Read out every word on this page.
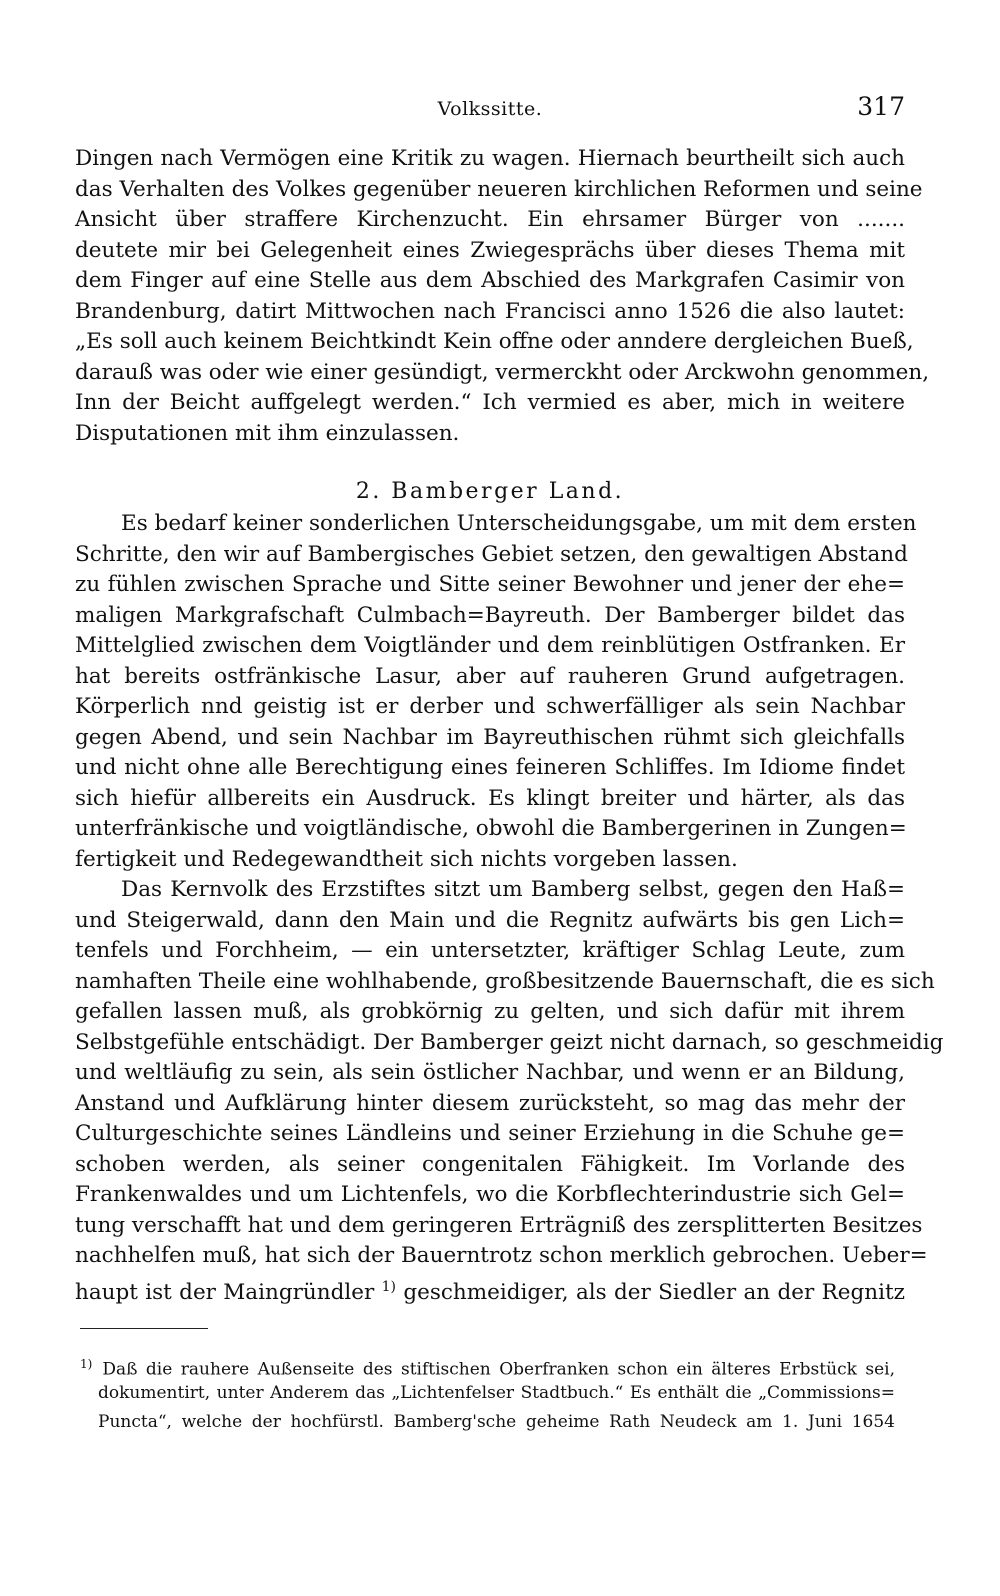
Volkssitte.	317
Dingen nach Vermögen eine Kritik zu wagen. Hiernach beurtheilt sich auch
das Verhalten des Volkes gegenüber neueren kirchlichen Reformen und seine
Ansicht über straffere Kirchenzucht. Ein ehrsamer Bürger von .......
deutete mir bei Gelegenheit eines Zwiegesprächs über dieses Thema mit
dem Finger auf eine Stelle aus dem Abschied des Markgrafen Casimir von
Brandenburg, datirt Mittwochen nach Francisci anno 1526 die also lautet:
„Es soll auch keinem Beichtkindt Kein offne oder anndere dergleichen Bueß,
darauß was oder wie einer gesündigt, vermerckht oder Arckwohn genommen,
Inn der Beicht auffgelegt werden.“ Ich vermied es aber, mich in weitere
Disputationen mit ihm einzulassen.
2. Bamberger Land.
Es bedarf keiner sonderlichen Unterscheidungsgabe, um mit dem ersten
Schritte, den wir auf Bambergisches Gebiet setzen, den gewaltigen Abstand
zu fühlen zwischen Sprache und Sitte seiner Bewohner und jener der ehe=
maligen Markgrafschaft Culmbach=Bayreuth. Der Bamberger bildet das
Mittelglied zwischen dem Voigtländer und dem reinblütigen Ostfranken. Er
hat bereits ostfränkische Lasur, aber auf rauheren Grund aufgetragen.
Körperlich nnd geistig ist er derber und schwerfälliger als sein Nachbar
gegen Abend, und sein Nachbar im Bayreuthischen rühmt sich gleichfalls
und nicht ohne alle Berechtigung eines feineren Schliffes. Im Idiome findet
sich hiefür allbereits ein Ausdruck. Es klingt breiter und härter, als das
unterfränkische und voigtländische, obwohl die Bambergerinen in Zungen=
fertigkeit und Redegewandtheit sich nichts vorgeben lassen.
Das Kernvolk des Erzstiftes sitzt um Bamberg selbst, gegen den Haß=
und Steigerwald, dann den Main und die Regnitz aufwärts bis gen Lich=
tenfels und Forchheim, — ein untersetzter, kräftiger Schlag Leute, zum
namhaften Theile eine wohlhabende, großbesitzende Bauernschaft, die es sich
gefallen lassen muß, als grobkörnig zu gelten, und sich dafür mit ihrem
Selbstgefühle entschädigt. Der Bamberger geizt nicht darnach, so geschmeidig
und weltläufig zu sein, als sein östlicher Nachbar, und wenn er an Bildung,
Anstand und Aufklärung hinter diesem zurücksteht, so mag das mehr der
Culturgeschichte seines Ländleins und seiner Erziehung in die Schuhe ge=
schoben werden, als seiner congenitalen Fähigkeit. Im Vorlande des
Frankenwaldes und um Lichtenfels, wo die Korbflechterindustrie sich Gel=
tung verschafft hat und dem geringeren Erträgniß des zersplitterten Besitzes
nachhelfen muß, hat sich der Bauerntrotz schon merklich gebrochen. Ueber=
haupt ist der Maingründler $^{1)}$ geschmeidiger, als der Siedler an der Regnitz
$^{1)}$ Daß die rauhere Außenseite des stiftischen Oberfranken schon ein älteres Erbstück sei,
dokumentirt, unter Anderem das „Lichtenfelser Stadtbuch.“ Es enthält die „Commissions=
Puncta“, welche der hochfürstl. Bamberg'sche geheime Rath Neudeck am 1. Juni 1654
